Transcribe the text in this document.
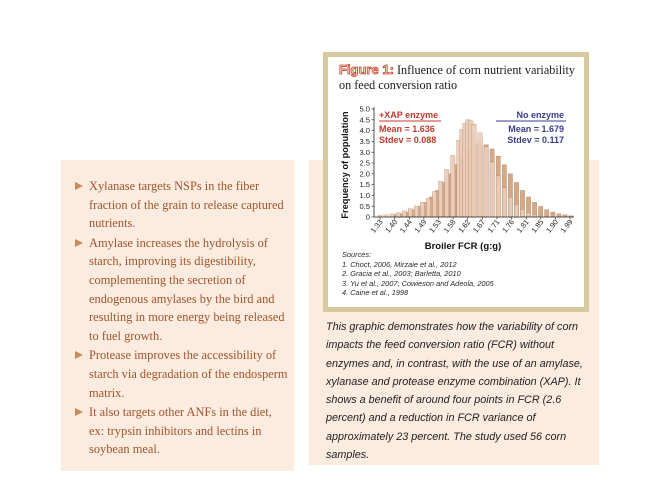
Xylanase targets NSPs in the fiber fraction of the grain to release captured nutrients.
Amylase increases the hydrolysis of starch, improving its digestibility, complementing the secretion of endogenous amylases by the bird and resulting in more energy being released to fuel growth.
Protease improves the accessibility of starch via degradation of the endosperm matrix.
It also targets other ANFs in the diet, ex: trypsin inhibitors and lectins in soybean meal.
Figure 1: Influence of corn nutrient variability on feed conversion ratio
0
0.5
1.0
1.5
2.0
2.5
3.0
3.5
4.0
4.5
5.0
1.33
1.40
1.44
1.49
1.53
1.58
1.62
1.67
1.71
1.76
1.81
1.85
1.90
1.99
Frequency of population
Broiler FCR (g:g)
+XAP enzyme
Mean = 1.636
Stdev = 0.088
No enzyme
Mean = 1.679
Stdev = 0.117
Sources:
1. Choct, 2006, Mirzaie et al., 2012
2. Gracia et al., 2003; Barletta, 2010
3. Yu et al., 2007; Cowieson and Adeola, 2005
4. Caine et al., 1998
This graphic demonstrates how the variability of corn impacts the feed conversion ratio (FCR) without enzymes and, in contrast, with the use of an amylase, xylanase and protease enzyme combination (XAP). It shows a benefit of around four points in FCR (2.6 percent) and a reduction in FCR variance of approximately 23 percent. The study used 56 corn samples.
